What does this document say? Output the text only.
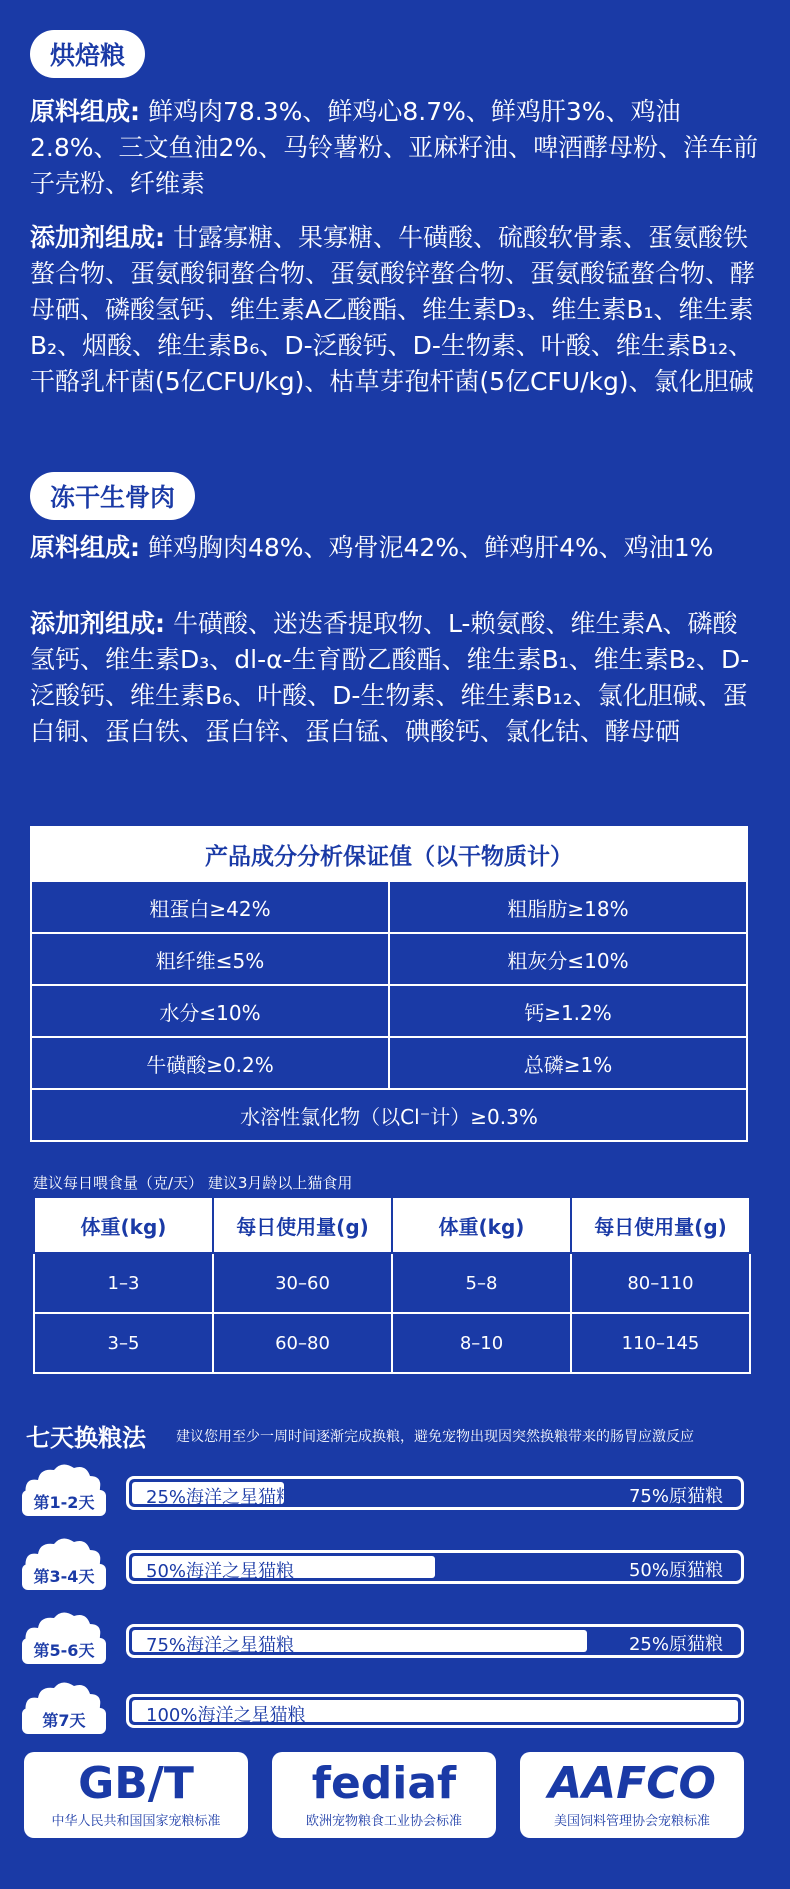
烘焙粮
原料组成: 鲜鸡肉78.3%、鲜鸡心8.7%、鲜鸡肝3%、鸡油2.8%、三文鱼油2%、马铃薯粉、亚麻籽油、啤酒酵母粉、洋车前子壳粉、纤维素
添加剂组成: 甘露寡糖、果寡糖、牛磺酸、硫酸软骨素、蛋氨酸铁螯合物、蛋氨酸铜螯合物、蛋氨酸锌螯合物、蛋氨酸锰螯合物、酵母硒、磷酸氢钙、维生素A乙酸酯、维生素D₃、维生素B₁、维生素B₂、烟酸、维生素B₆、D-泛酸钙、D-生物素、叶酸、维生素B₁₂、干酪乳杆菌(5亿CFU/kg)、枯草芽孢杆菌(5亿CFU/kg)、氯化胆碱
冻干生骨肉
原料组成: 鲜鸡胸肉48%、鸡骨泥42%、鲜鸡肝4%、鸡油1%
添加剂组成: 牛磺酸、迷迭香提取物、L-赖氨酸、维生素A、磷酸氢钙、维生素D₃、dl-α-生育酚乙酸酯、维生素B₁、维生素B₂、D-泛酸钙、维生素B₆、叶酸、D-生物素、维生素B₁₂、氯化胆碱、蛋白铜、蛋白铁、蛋白锌、蛋白锰、碘酸钙、氯化钴、酵母硒
产品成分分析保证值（以干物质计）	
粗蛋白≥42%	粗脂肪≥18%
粗纤维≤5%	粗灰分≤10%
水分≤10%	钙≥1.2%
牛磺酸≥0.2%	总磷≥1%
水溶性氯化物（以Cl⁻计）≥0.3%	
建议每日喂食量（克/天） 建议3月龄以上猫食用
体重(kg)	每日使用量(g)	体重(kg)	每日使用量(g)
1–3	30–60	5–8	80–110
3–5	60–80	8–10	110–145
七天换粮法 建议您用至少一周时间逐渐完成换粮，避免宠物出现因突然换粮带来的肠胃应激反应
第1-2天	25%海洋之星猫粮	75%原猫粮
第3-4天	50%海洋之星猫粮	50%原猫粮
第5-6天	75%海洋之星猫粮	25%原猫粮
第7天	100%海洋之星猫粮
GB/T
中华人民共和国国家宠粮标准
fediaf
欧洲宠物粮食工业协会标准
AAFCO
美国饲料管理协会宠粮标准
